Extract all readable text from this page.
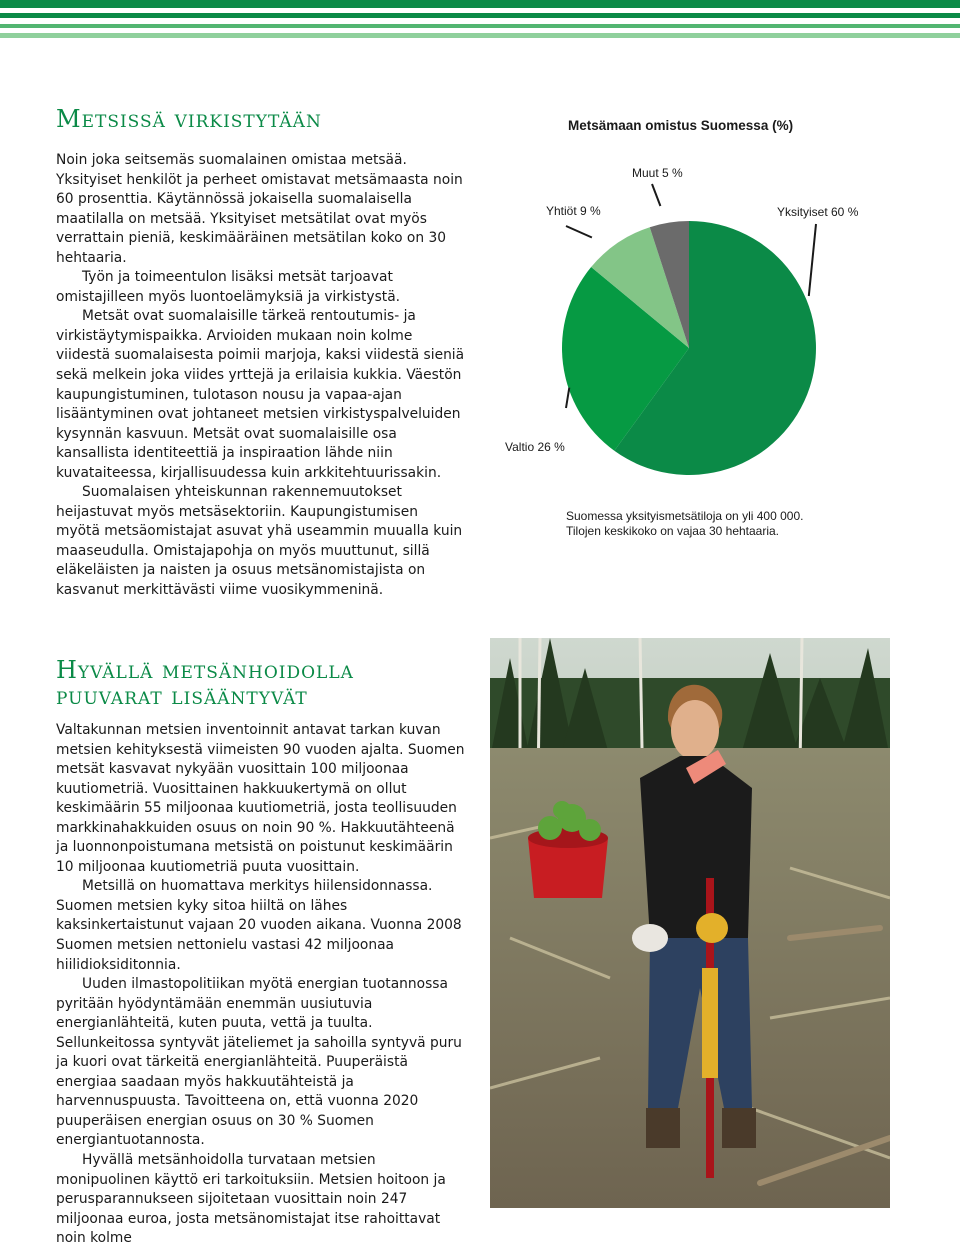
Metsissä virkistytään

Noin joka seitsemäs suomalainen omistaa metsää. Yksityiset henkilöt ja perheet omistavat metsämaasta noin 60 prosenttia. Käytännössä jokaisella suomalaisella maatilalla on metsää. Yksityiset metsätilat ovat myös verrattain pieniä, keskimääräinen metsätilan koko on 30 hehtaaria.

Työn ja toimeentulon lisäksi metsät tarjoavat omistajilleen myös luontoelämyksiä ja virkistystä.

Metsät ovat suomalaisille tärkeä rentoutumis- ja virkistäytymispaikka. Arvioiden mukaan noin kolme viidestä suomalaisesta poimii marjoja, kaksi viidestä sieniä sekä melkein joka viides yrttejä ja erilaisia kukkia. Väestön kaupungistuminen, tulotason nousu ja vapaa-ajan lisääntyminen ovat johtaneet metsien virkistyspalveluiden kysynnän kasvuun. Metsät ovat suomalaisille osa kansallista identiteettiä ja inspiraation lähde niin kuvataiteessa, kirjallisuudessa kuin arkkitehtuurissakin.

Suomalaisen yhteiskunnan rakennemuutokset heijastuvat myös metsäsektoriin. Kaupungistumisen myötä metsäomistajat asuvat yhä useammin muualla kuin maaseudulla. Omistajapohja on myös muuttunut, sillä eläkeläisten ja naisten ja osuus metsänomistajista on kasvanut merkittävästi viime vuosikymmeninä.

Metsämaan omistus Suomessa (%)
Yksityiset 60 %
Valtio 26 %
Yhtiöt 9 %
Muut 5 %
Suomessa yksityismetsätiloja on yli 400 000.
Tilojen keskikoko on vajaa 30 hehtaaria.
Hyvällä metsänhoidolla
puuvarat lisääntyvät

Valtakunnan metsien inventoinnit antavat tarkan kuvan metsien kehityksestä viimeisten 90 vuoden ajalta. Suomen metsät kasvavat nykyään vuosittain 100 miljoonaa kuutiometriä. Vuosittainen hakkuukertymä on ollut keskimäärin 55 miljoonaa kuutiometriä, josta teollisuuden markkinahakkuiden osuus on noin 90 %. Hakkuutähteenä ja luonnonpoistumana metsistä on poistunut keskimäärin 10 miljoonaa kuutiometriä puuta vuosittain.

Metsillä on huomattava merkitys hiilensidonnassa. Suomen metsien kyky sitoa hiiltä on lähes kaksinkertaistunut vajaan 20 vuoden aikana. Vuonna 2008 Suomen metsien nettonielu vastasi 42 miljoonaa hiilidioksiditonnia.

Uuden ilmastopolitiikan myötä energian tuotannossa pyritään hyödyntämään enemmän uusiutuvia energianlähteitä, kuten puuta, vettä ja tuulta. Sellunkeitossa syntyvät jäteliemet ja sahoilla syntyvä puru ja kuori ovat tärkeitä energianlähteitä. Puuperäistä energiaa saadaan myös hakkuutähteistä ja harvennuspuusta. Tavoitteena on, että vuonna 2020 puuperäisen energian osuus on 30 % Suomen energiantuotannosta.

Hyvällä metsänhoidolla turvataan metsien monipuolinen käyttö eri tarkoituksiin. Metsien hoitoon ja perusparannukseen sijoitetaan vuosittain noin 247 miljoonaa euroa, josta metsänomistajat itse rahoittavat noin kolme
